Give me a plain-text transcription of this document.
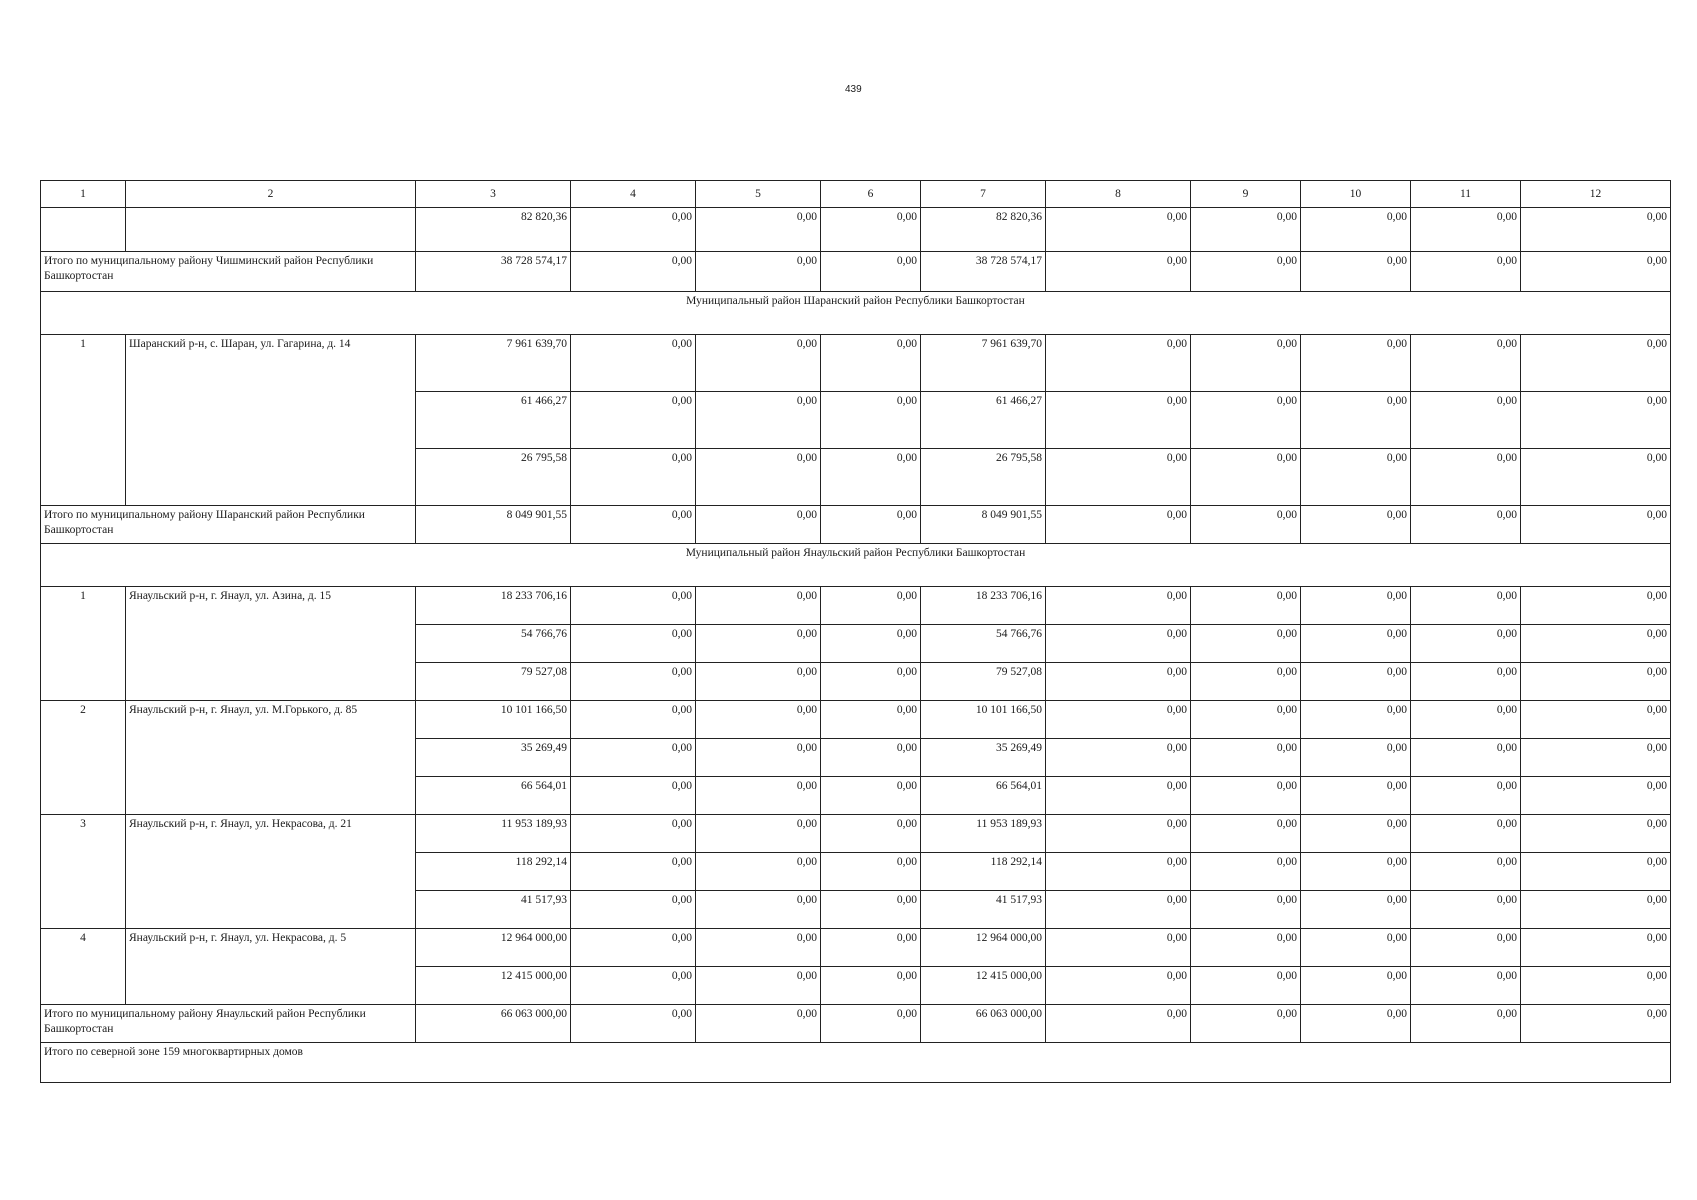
439
1	2	3	4	5	6	7	8	9	10	11	12
		82 820,36	0,00	0,00	0,00	82 820,36	0,00	0,00	0,00	0,00	0,00
Итого по муниципальному району Чишминский район Республики Башкортостан		38 728 574,17	0,00	0,00	0,00	38 728 574,17	0,00	0,00	0,00	0,00	0,00
Муниципальный район Шаранский район Республики Башкортостан											
1	Шаранский р-н, с. Шаран, ул. Гагарина, д. 14	7 961 639,70	0,00	0,00	0,00	7 961 639,70	0,00	0,00	0,00	0,00	0,00
		61 466,27	0,00	0,00	0,00	61 466,27	0,00	0,00	0,00	0,00	0,00
		26 795,58	0,00	0,00	0,00	26 795,58	0,00	0,00	0,00	0,00	0,00
Итого по муниципальному району Шаранский район Республики Башкортостан		8 049 901,55	0,00	0,00	0,00	8 049 901,55	0,00	0,00	0,00	0,00	0,00
Муниципальный район Янаульский район Республики Башкортостан											
1	Янаульский р-н, г. Янаул, ул. Азина, д. 15	18 233 706,16	0,00	0,00	0,00	18 233 706,16	0,00	0,00	0,00	0,00	0,00
		54 766,76	0,00	0,00	0,00	54 766,76	0,00	0,00	0,00	0,00	0,00
		79 527,08	0,00	0,00	0,00	79 527,08	0,00	0,00	0,00	0,00	0,00
2	Янаульский р-н, г. Янаул, ул. М.Горького, д. 85	10 101 166,50	0,00	0,00	0,00	10 101 166,50	0,00	0,00	0,00	0,00	0,00
		35 269,49	0,00	0,00	0,00	35 269,49	0,00	0,00	0,00	0,00	0,00
		66 564,01	0,00	0,00	0,00	66 564,01	0,00	0,00	0,00	0,00	0,00
3	Янаульский р-н, г. Янаул, ул. Некрасова, д. 21	11 953 189,93	0,00	0,00	0,00	11 953 189,93	0,00	0,00	0,00	0,00	0,00
		118 292,14	0,00	0,00	0,00	118 292,14	0,00	0,00	0,00	0,00	0,00
		41 517,93	0,00	0,00	0,00	41 517,93	0,00	0,00	0,00	0,00	0,00
4	Янаульский р-н, г. Янаул, ул. Некрасова, д. 5	12 964 000,00	0,00	0,00	0,00	12 964 000,00	0,00	0,00	0,00	0,00	0,00
		12 415 000,00	0,00	0,00	0,00	12 415 000,00	0,00	0,00	0,00	0,00	0,00
Итого по муниципальному району Янаульский район Республики Башкортостан		66 063 000,00	0,00	0,00	0,00	66 063 000,00	0,00	0,00	0,00	0,00	0,00
Итого по северной зоне 159 многоквартирных домов											
